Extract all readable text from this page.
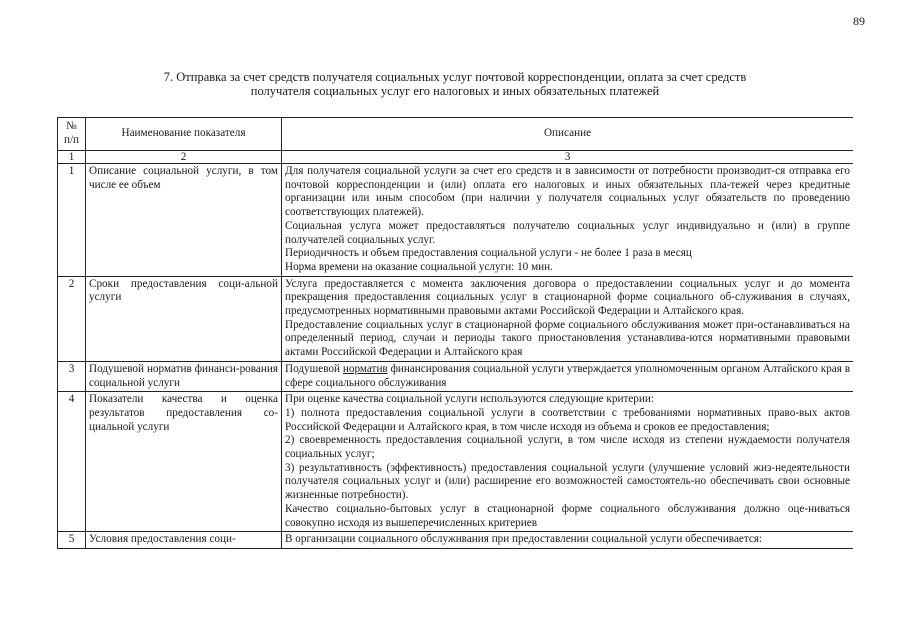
89
7. Отправка за счет средств получателя социальных услуг почтовой корреспонденции, оплата за счет средств
получателя социальных услуг его налоговых и иных обязательных платежей
№ п/п	Наименование показателя	Описание
1	2	3
1	Описание социальной услуги, в том числе ее объем	Для получателя социальной услуги за счет его средств и в зависимости от потребности производит-ся отправка его почтовой корреспонденции и (или) оплата его налоговых и иных обязательных пла-тежей через кредитные организации или иным способом (при наличии у получателя социальных услуг обязательств по проведению соответствующих платежей).
Социальная услуга может предоставляться получателю социальных услуг индивидуально и (или) в группе получателей социальных услуг.
Периодичность и объем предоставления социальной услуги - не более 1 раза в месяц
Норма времени на оказание социальной услуги: 10 мин.

2	Сроки предоставления соци-альной услуги	Услуга предоставляется с момента заключения договора о предоставлении социальных услуг и до момента прекращения предоставления социальных услуг в стационарной форме социального об-служивания в случаях, предусмотренных нормативными правовыми актами Российской Федерации и Алтайского края.
Предоставление социальных услуг в стационарной форме социального обслуживания может при-останавливаться на определенный период, случаи и периоды такого приостановления устанавлива-ются нормативными правовыми актами Российской Федерации и Алтайского края

3	Подушевой норматив финанси-рования социальной услуги	Подушевой норматив финансирования социальной услуги утверждается уполномоченным органом Алтайского края в сфере социального обслуживания

4	Показатели качества и оценка результатов предоставления со-циальной услуги	При оценке качества социальной услуги используются следующие критерии:
1) полнота предоставления социальной услуги в соответствии с требованиями нормативных право-вых актов Российской Федерации и Алтайского края, в том числе исходя из объема и сроков ее предоставления;
2) своевременность предоставления социальной услуги, в том числе исходя из степени нуждаемости получателя социальных услуг;
3) результативность (эффективность) предоставления социальной услуги (улучшение условий жиз-недеятельности получателя социальных услуг и (или) расширение его возможностей самостоятель-но обеспечивать свои основные жизненные потребности).
Качество социально-бытовых услуг в стационарной форме социального обслуживания должно оце-ниваться совокупно исходя из вышеперечисленных критериев

5	Условия предоставления соци-	В организации социального обслуживания при предоставлении социальной услуги обеспечивается:
